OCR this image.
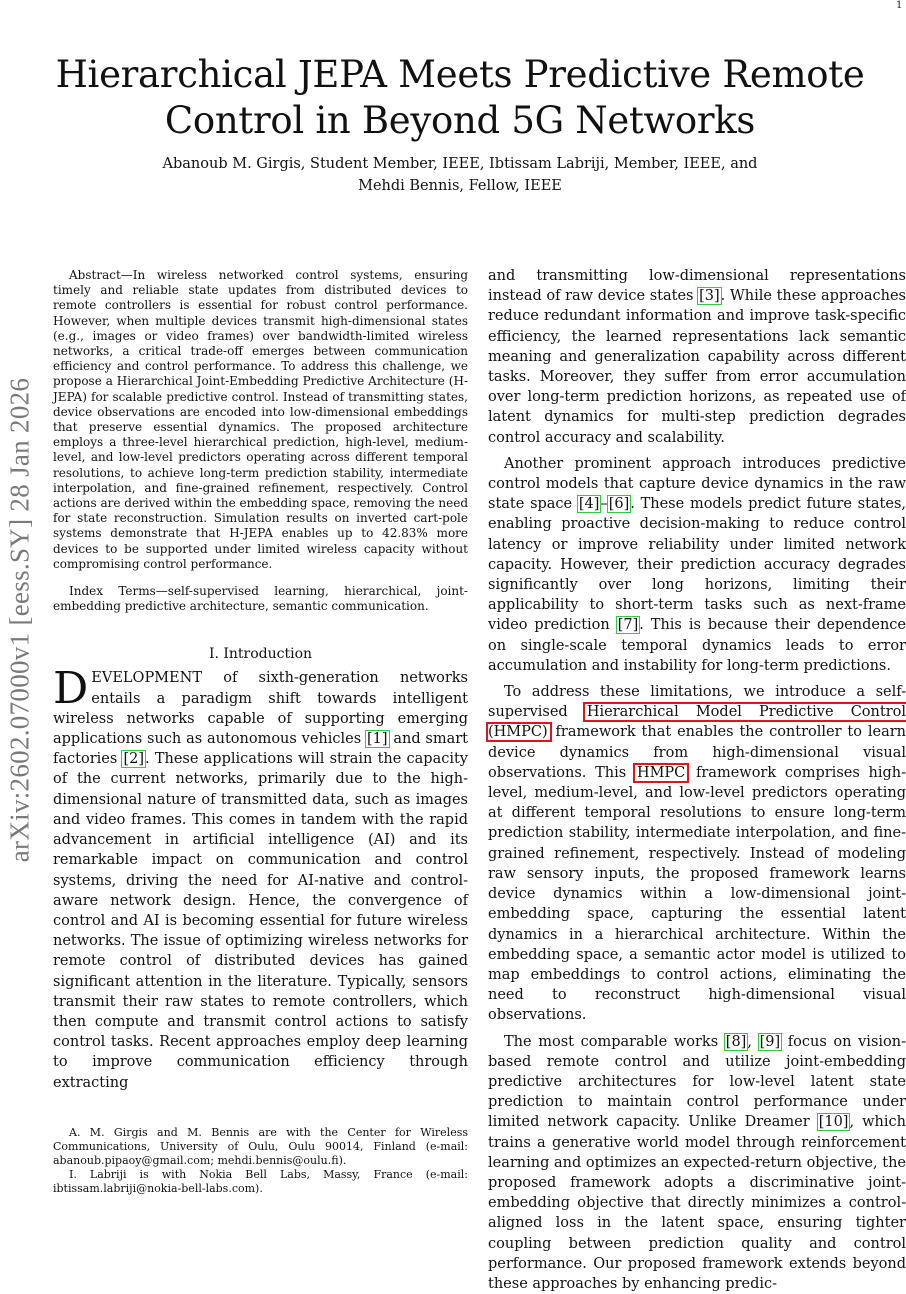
1
Hierarchical JEPA Meets Predictive Remote Control in Beyond 5G Networks
Abanoub M. Girgis, Student Member, IEEE, Ibtissam Labriji, Member, IEEE, and
Mehdi Bennis, Fellow, IEEE
arXiv:2602.07000v1 [eess.SY] 28 Jan 2026

Abstract—In wireless networked control systems, ensuring timely and reliable state updates from distributed devices to remote controllers is essential for robust control performance. However, when multiple devices transmit high-dimensional states (e.g., images or video frames) over bandwidth-limited wireless networks, a critical trade-off emerges between communication efficiency and control performance. To address this challenge, we propose a Hierarchical Joint-Embedding Predictive Architecture (H-JEPA) for scalable predictive control. Instead of transmitting states, device observations are encoded into low-dimensional embeddings that preserve essential dynamics. The proposed architecture employs a three-level hierarchical prediction, high-level, medium-level, and low-level predictors operating across different temporal resolutions, to achieve long-term prediction stability, intermediate interpolation, and fine-grained refinement, respectively. Control actions are derived within the embedding space, removing the need for state reconstruction. Simulation results on inverted cart-pole systems demonstrate that H-JEPA enables up to 42.83% more devices to be supported under limited wireless capacity without compromising control performance.

Index Terms—self-supervised learning, hierarchical, joint-embedding predictive architecture, semantic communication.

I. Introduction

DEVELOPMENT of sixth-generation networks entails a paradigm shift towards intelligent wireless networks capable of supporting emerging applications such as autonomous vehicles [1] and smart factories [2]. These applications will strain the capacity of the current networks, primarily due to the high-dimensional nature of transmitted data, such as images and video frames. This comes in tandem with the rapid advancement in artificial intelligence (AI) and its remarkable impact on communication and control systems, driving the need for AI-native and control-aware network design. Hence, the convergence of control and AI is becoming essential for future wireless networks. The issue of optimizing wireless networks for remote control of distributed devices has gained significant attention in the literature. Typically, sensors transmit their raw states to remote controllers, which then compute and transmit control actions to satisfy control tasks. Recent approaches employ deep learning to improve communication efficiency through extracting

and transmitting low-dimensional representations instead of raw device states [3]. While these approaches reduce redundant information and improve task-specific efficiency, the learned representations lack semantic meaning and generalization capability across different tasks. Moreover, they suffer from error accumulation over long-term prediction horizons, as repeated use of latent dynamics for multi-step prediction degrades control accuracy and scalability.

Another prominent approach introduces predictive control models that capture device dynamics in the raw state space [4]–[6]. These models predict future states, enabling proactive decision-making to reduce control latency or improve reliability under limited network capacity. However, their prediction accuracy degrades significantly over long horizons, limiting their applicability to short-term tasks such as next-frame video prediction [7]. This is because their dependence on single-scale temporal dynamics leads to error accumulation and instability for long-term predictions.

To address these limitations, we introduce a self-supervised Hierarchical Model Predictive Control (HMPC) framework that enables the controller to learn device dynamics from high-dimensional visual observations. This HMPC framework comprises high-level, medium-level, and low-level predictors operating at different temporal resolutions to ensure long-term prediction stability, intermediate interpolation, and fine-grained refinement, respectively. Instead of modeling raw sensory inputs, the proposed framework learns device dynamics within a low-dimensional joint-embedding space, capturing the essential latent dynamics in a hierarchical architecture. Within the embedding space, a semantic actor model is utilized to map embeddings to control actions, eliminating the need to reconstruct high-dimensional visual observations.

The most comparable works [8], [9] focus on vision-based remote control and utilize joint-embedding predictive architectures for low-level latent state prediction to maintain control performance under limited network capacity. Unlike Dreamer [10], which trains a generative world model through reinforcement learning and optimizes an expected-return objective, the proposed framework adopts a discriminative joint-embedding objective that directly minimizes a control-aligned loss in the latent space, ensuring tighter coupling between prediction quality and control performance. Our proposed framework extends beyond these approaches by enhancing predic-

A. M. Girgis and M. Bennis are with the Center for Wireless Communications, University of Oulu, Oulu 90014, Finland (e-mail: abanoub.pipaoy@gmail.com; mehdi.bennis@oulu.fi).

I. Labriji is with Nokia Bell Labs, Massy, France (e-mail: ibtissam.labriji@nokia-bell-labs.com).
